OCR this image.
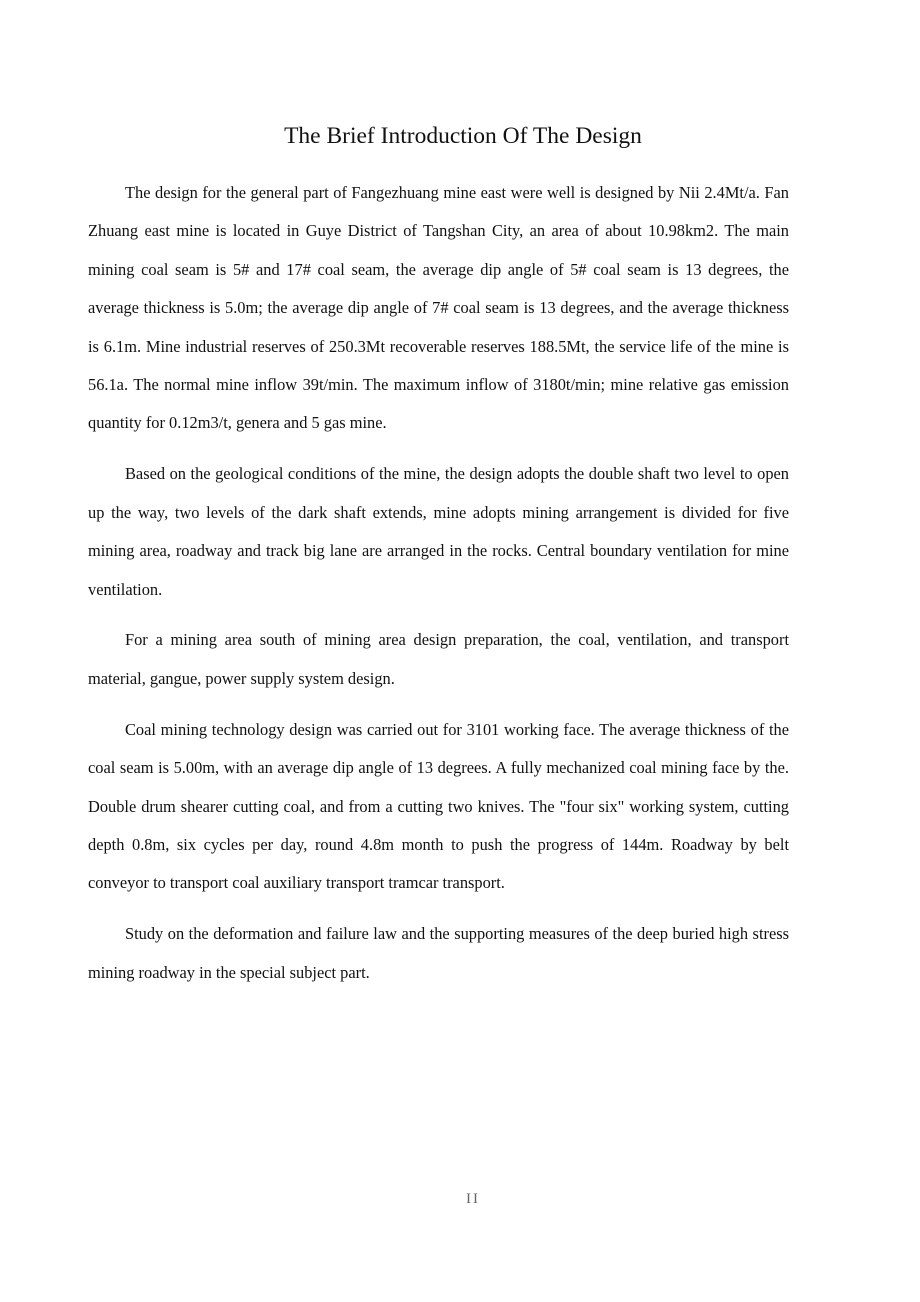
The Brief Introduction Of The Design

The design for the general part of Fangezhuang mine east were well is designed by Nii 2.4Mt/a. Fan Zhuang east mine is located in Guye District of Tangshan City, an area of about 10.98km2. The main mining coal seam is 5# and 17# coal seam, the average dip angle of 5# coal seam is 13 degrees, the average thickness is 5.0m; the average dip angle of 7# coal seam is 13 degrees, and the average thickness is 6.1m. Mine industrial reserves of 250.3Mt recoverable reserves 188.5Mt, the service life of the mine is 56.1a. The normal mine inflow 39t/min. The maximum inflow of 3180t/min; mine relative gas emission quantity for 0.12m3/t, genera and 5 gas mine.

Based on the geological conditions of the mine, the design adopts the double shaft two level to open up the way, two levels of the dark shaft extends, mine adopts mining arrangement is divided for five mining area, roadway and track big lane are arranged in the rocks. Central boundary ventilation for mine ventilation.

For a mining area south of mining area design preparation, the coal, ventilation, and transport material, gangue, power supply system design.

Coal mining technology design was carried out for 3101 working face. The average thickness of the coal seam is 5.00m, with an average dip angle of 13 degrees. A fully mechanized coal mining face by the. Double drum shearer cutting coal, and from a cutting two knives. The "four six" working system, cutting depth 0.8m, six cycles per day, round 4.8m month to push the progress of 144m. Roadway by belt conveyor to transport coal auxiliary transport tramcar transport.

Study on the deformation and failure law and the supporting measures of the deep buried high stress mining roadway in the special subject part.

II
